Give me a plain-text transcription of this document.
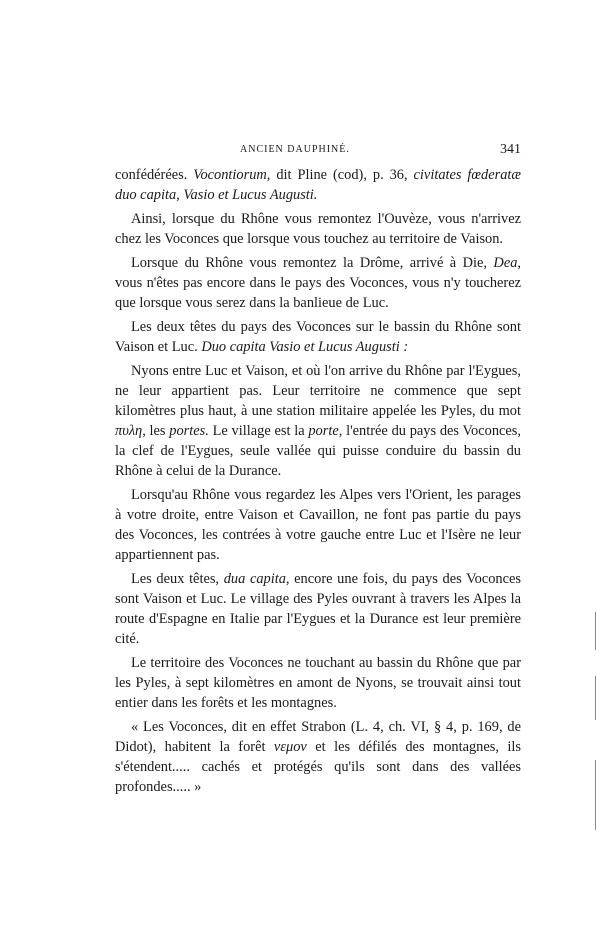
ANCIEN DAUPHINÉ.	341

confédérées. Vocontiorum, dit Pline (cod), p. 36, civitates fœderatæ duo capita, Vasio et Lucus Augusti.

Ainsi, lorsque du Rhône vous remontez l'Ouvèze, vous n'arrivez chez les Voconces que lorsque vous touchez au territoire de Vaison.

Lorsque du Rhône vous remontez la Drôme, arrivé à Die, Dea, vous n'êtes pas encore dans le pays des Voconces, vous n'y toucherez que lorsque vous serez dans la banlieue de Luc.

Les deux têtes du pays des Voconces sur le bassin du Rhône sont Vaison et Luc. Duo capita Vasio et Lucus Augusti :

Nyons entre Luc et Vaison, et où l'on arrive du Rhône par l'Eygues, ne leur appartient pas. Leur territoire ne commence que sept kilomètres plus haut, à une station militaire appelée les Pyles, du mot πυλη, les portes. Le village est la porte, l'entrée du pays des Voconces, la clef de l'Eygues, seule vallée qui puisse conduire du bassin du Rhône à celui de la Durance.

Lorsqu'au Rhône vous regardez les Alpes vers l'Orient, les parages à votre droite, entre Vaison et Cavaillon, ne font pas partie du pays des Voconces, les contrées à votre gauche entre Luc et l'Isère ne leur appartiennent pas.

Les deux têtes, dua capita, encore une fois, du pays des Voconces sont Vaison et Luc. Le village des Pyles ouvrant à travers les Alpes la route d'Espagne en Italie par l'Eygues et la Durance est leur première cité.

Le territoire des Voconces ne touchant au bassin du Rhône que par les Pyles, à sept kilomètres en amont de Nyons, se trouvait ainsi tout entier dans les forêts et les montagnes.

« Les Voconces, dit en effet Strabon (L. 4, ch. VI, § 4, p. 169, de Didot), habitent la forêt νεμον et les défilés des montagnes, ils s'étendent..... cachés et protégés qu'ils sont dans des vallées profondes..... »
